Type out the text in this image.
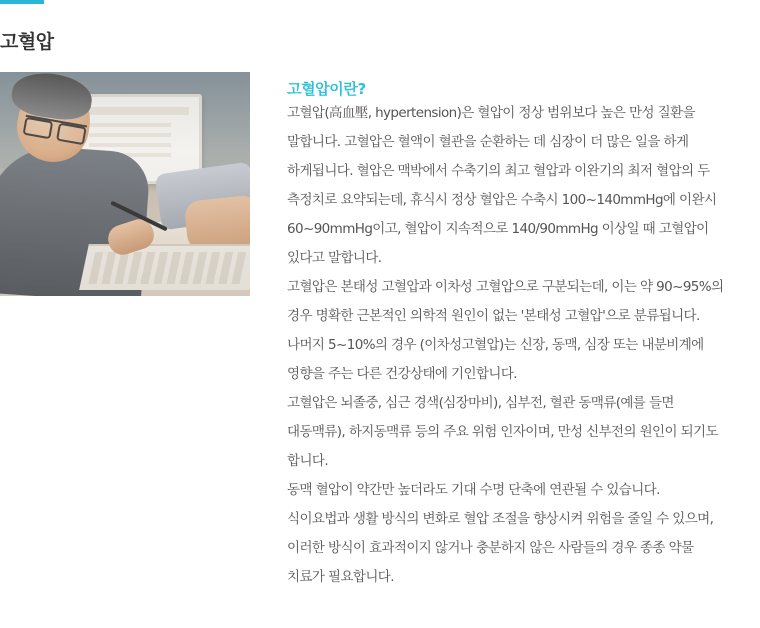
고혈압
고혈압이란?

고혈압(高血壓, hypertension)은 혈압이 정상 범위보다 높은 만성 질환을 말합니다. 고혈압은 혈액이 혈관을 순환하는 데 심장이 더 많은 일을 하게 하게됩니다. 혈압은 맥박에서 수축기의 최고 혈압과 이완기의 최저 혈압의 두 측정치로 요약되는데, 휴식시 정상 혈압은 수축시 100~140mmHg에 이완시 60~90mmHg이고, 혈압이 지속적으로 140/90mmHg 이상일 때 고혈압이 있다고 말합니다.

고혈압은 본태성 고혈압과 이차성 고혈압으로 구분되는데, 이는 약 90~95%의 경우 명확한 근본적인 의학적 원인이 없는 '본태성 고혈압'으로 분류됩니다. 나머지 5~10%의 경우 (이차성고혈압)는 신장, 동맥, 심장 또는 내분비계에 영향을 주는 다른 건강상태에 기인합니다.

고혈압은 뇌졸중, 심근 경색(심장마비), 심부전, 혈관 동맥류(예를 들면 대동맥류), 하지동맥류 등의 주요 위험 인자이며, 만성 신부전의 원인이 되기도 합니다.

동맥 혈압이 약간만 높더라도 기대 수명 단축에 연관될 수 있습니다.

식이요법과 생활 방식의 변화로 혈압 조절을 향상시켜 위험을 줄일 수 있으며, 이러한 방식이 효과적이지 않거나 충분하지 않은 사람들의 경우 종종 약물 치료가 필요합니다.
